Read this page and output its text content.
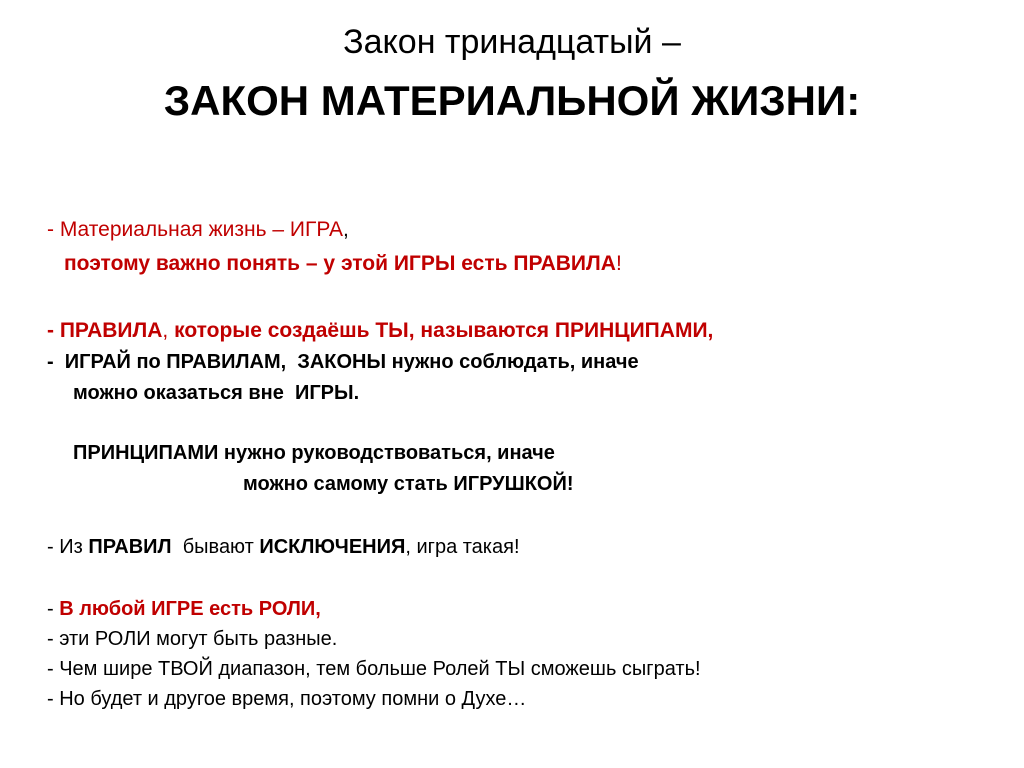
Закон тринадцатый –
ЗАКОН МАТЕРИАЛЬНОЙ ЖИЗНИ:
- Материальная жизнь – ИГРА,
поэтому важно понять – у этой ИГРЫ есть ПРАВИЛА!
- ПРАВИЛА, которые создаёшь ТЫ, называются ПРИНЦИПАМИ,
-  ИГРАЙ по ПРАВИЛАМ,  ЗАКОНЫ нужно соблюдать, иначе
можно оказаться вне  ИГРЫ.
ПРИНЦИПАМИ нужно руководствоваться, иначе
можно самому стать ИГРУШКОЙ!
- Из ПРАВИЛ  бывают ИСКЛЮЧЕНИЯ, игра такая!
- В любой ИГРЕ есть РОЛИ,
- эти РОЛИ могут быть разные.
- Чем шире ТВОЙ диапазон, тем больше Ролей ТЫ сможешь сыграть!
- Но будет и другое время, поэтому помни о Духе…
